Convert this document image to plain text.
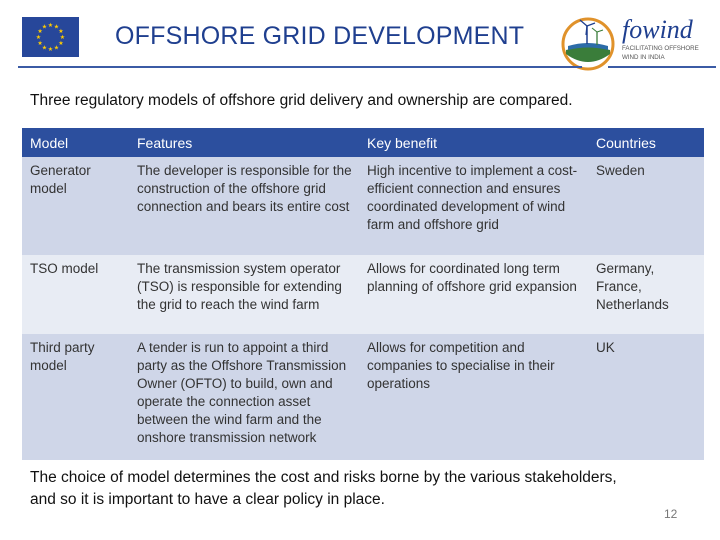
★ ★
★
★
★
★
★
★
★
★
★
★	OFFSHORE GRID DEVELOPMENT	fowind
FACILITATING OFFSHORE
WIND IN INDIA
Three regulatory models of offshore grid delivery and ownership are compared.
Model	Features	Key benefit	Countries
Generator model	The developer is responsible for the construction of the offshore grid connection and bears its entire cost	High incentive to implement a cost-efficient connection and ensures coordinated development of wind farm and offshore grid	Sweden
TSO model	The transmission system operator (TSO) is responsible for extending the grid to reach the wind farm	Allows for coordinated long term planning of offshore grid expansion	Germany, France, Netherlands
Third party model	A tender is run to appoint a third party as the Offshore Transmission Owner (OFTO) to build, own and operate the connection asset between the wind farm and the onshore transmission network	Allows for competition and companies to specialise in their operations	UK
The choice of model determines the cost and risks borne by the various stakeholders, and so it is important to have a clear policy in place.
12
